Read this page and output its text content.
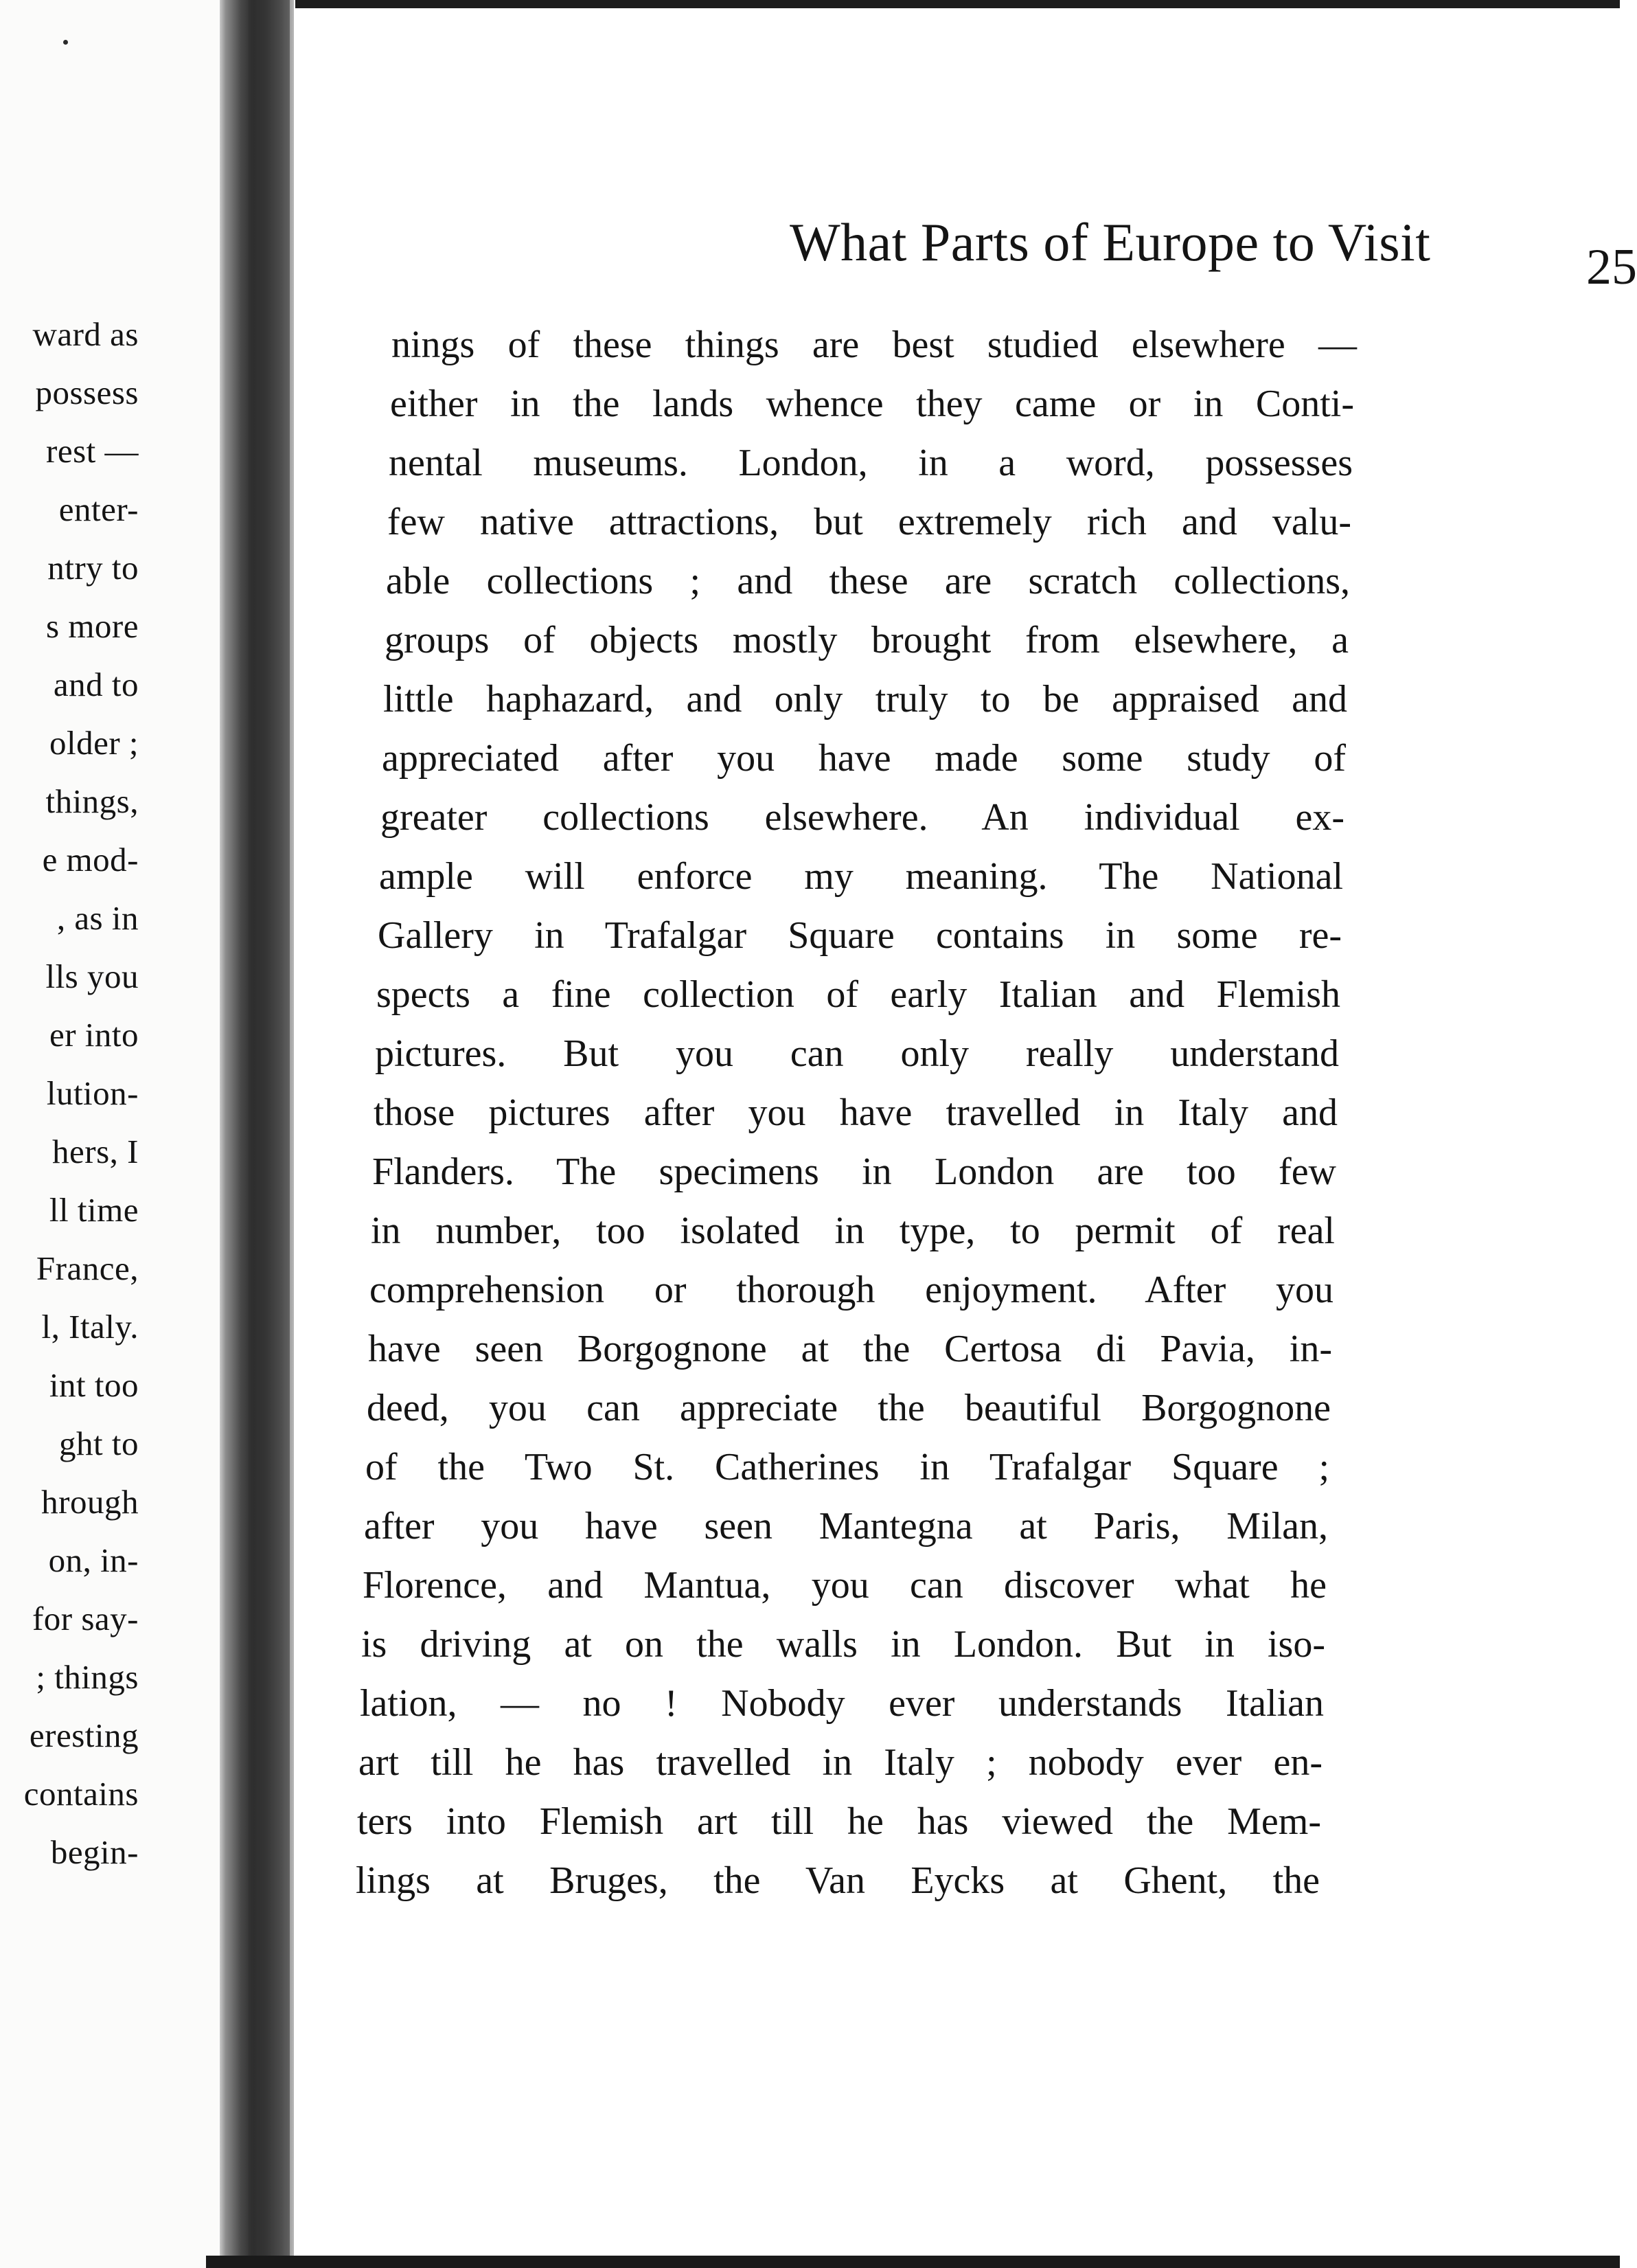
ward as
possess
rest —
enter-
ntry to
s more
and to
older ;
things,
e mod-
, as in
lls you
er into
lution-
hers, I
ll time
France,
l, Italy.
int too
ght to
hrough
on, in-
for say-
; things
eresting
contains
begin-
What Parts of Europe to Visit	25
nings of these things are best studied elsewhere —
either in the lands whence they came or in Conti-
nental museums. London, in a word, possesses
few native attractions, but extremely rich and valu-
able collections ; and these are scratch collections,
groups of objects mostly brought from elsewhere, a
little haphazard, and only truly to be appraised and
appreciated after you have made some study of
greater collections elsewhere. An individual ex-
ample will enforce my meaning. The National
Gallery in Trafalgar Square contains in some re-
spects a fine collection of early Italian and Flemish
pictures. But you can only really understand
those pictures after you have travelled in Italy and
Flanders. The specimens in London are too few
in number, too isolated in type, to permit of real
comprehension or thorough enjoyment. After you
have seen Borgognone at the Certosa di Pavia, in-
deed, you can appreciate the beautiful Borgognone
of the Two St. Catherines in Trafalgar Square ;
after you have seen Mantegna at Paris, Milan,
Florence, and Mantua, you can discover what he
is driving at on the walls in London. But in iso-
lation, — no ! Nobody ever understands Italian
art till he has travelled in Italy ; nobody ever en-
ters into Flemish art till he has viewed the Mem-
lings at Bruges, the Van Eycks at Ghent, the
